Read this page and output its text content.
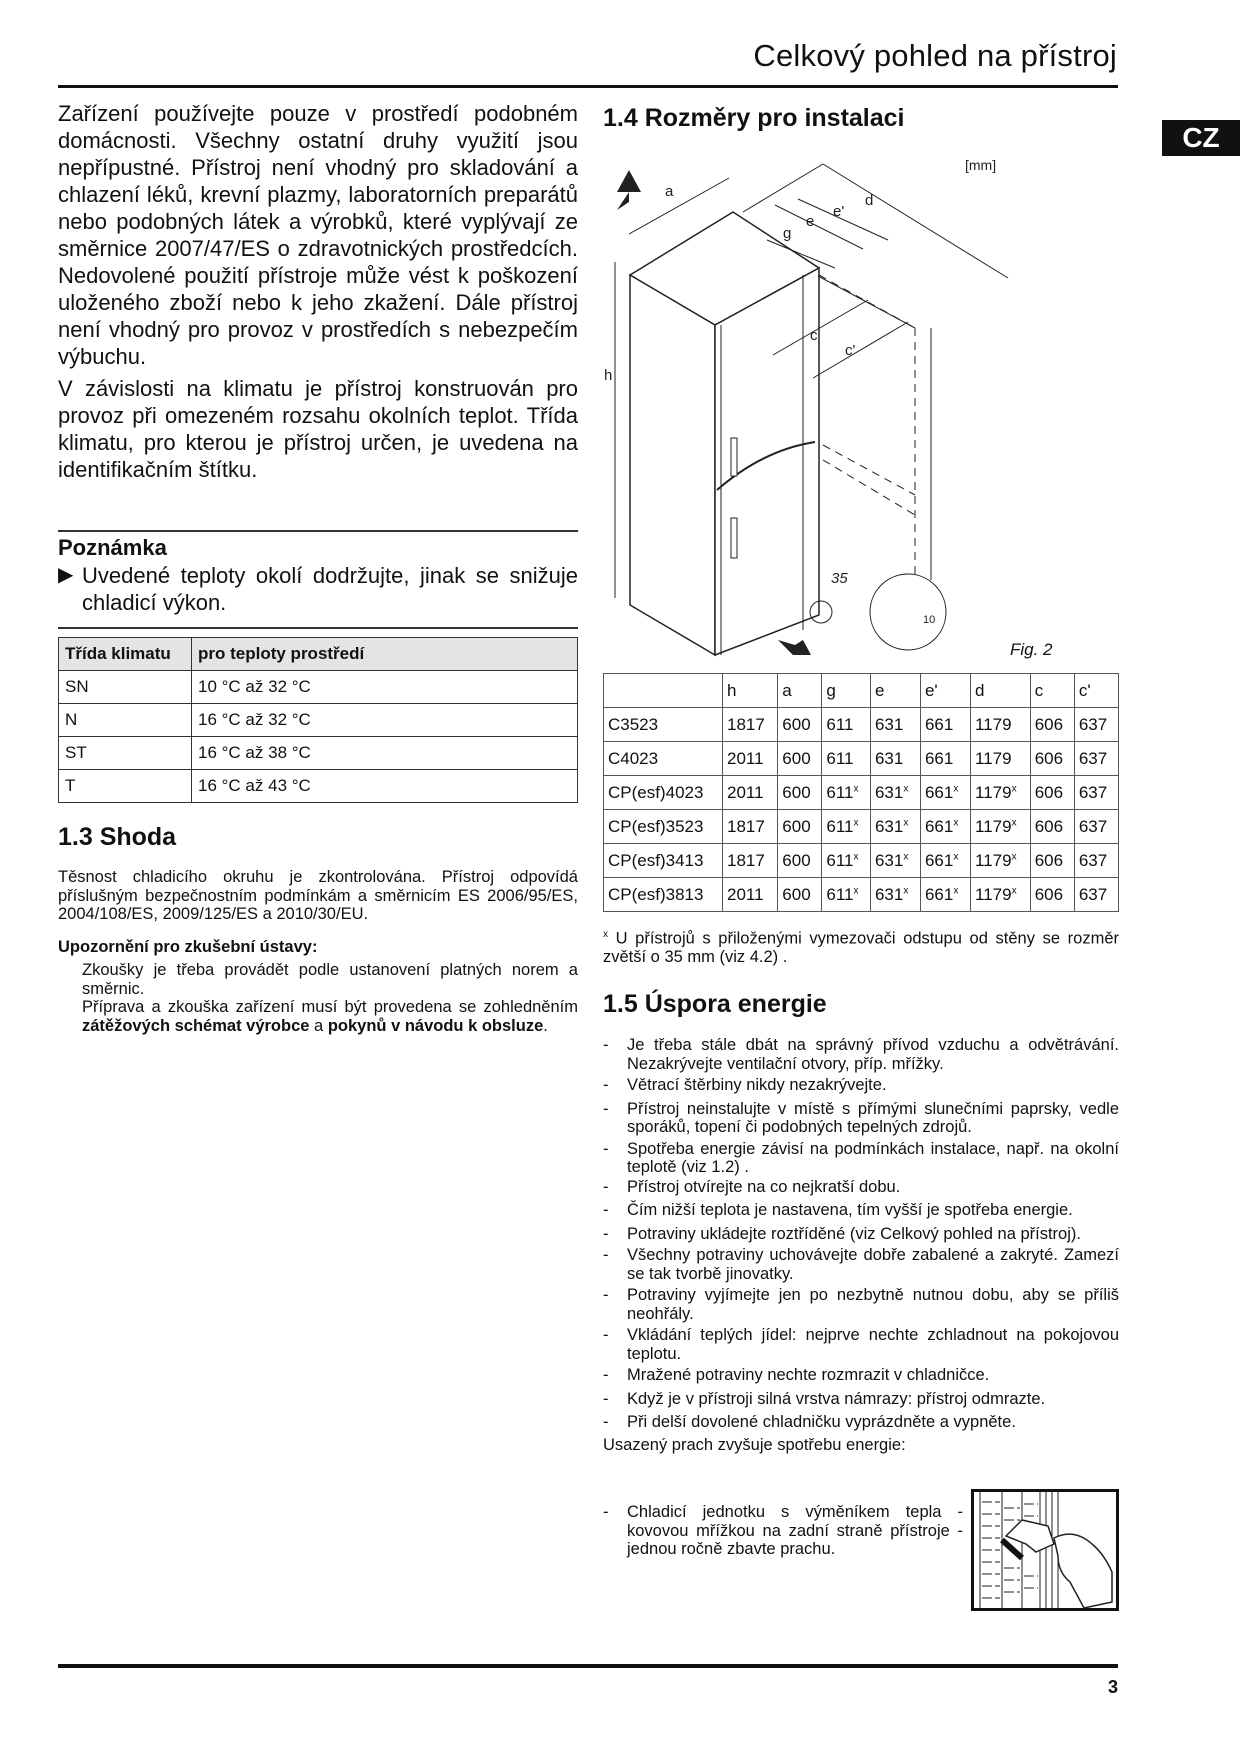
Celkový pohled na přístroj
CZ

Zařízení používejte pouze v prostředí podobném domácnosti. Všechny ostatní druhy využití jsou nepřípustné. Přístroj není vhodný pro skladování a chlazení léků, krevní plazmy, laboratorních preparátů nebo podobných látek a výrobků, které vyplývají ze směrnice 2007/47/ES o zdravotnických prostředcích. Nedovolené použití přístroje může vést k poškození uloženého zboží nebo k jeho zkažení. Dále přístroj není vhodný pro provoz v prostředích s nebezpečím výbuchu.

V závislosti na klimatu je přístroj konstruován pro provoz při omezeném rozsahu okolních teplot. Třída klimatu, pro kterou je přístroj určen, je uvedena na identifikačním štítku.

Poznámka
▶ Uvedené teploty okolí dodržujte, jinak se snižuje chladicí výkon.
Třída klimatu	pro teploty prostředí
SN	10 °C až 32 °C
N	16 °C až 32 °C
ST	16 °C až 38 °C
T	16 °C až 43 °C
1.3 Shoda

Těsnost chladicího okruhu je zkontrolována. Přístroj odpovídá příslušným bezpečnostním podmínkám a směrnicím ES 2006/95/ES, 2004/108/ES, 2009/125/ES a 2010/30/EU.

Upozornění pro zkušební ústavy:

Zkoušky je třeba provádět podle ustanovení platných norem a směrnic.

Příprava a zkouška zařízení musí být provedena se zohledněním zátěžových schémat výrobce a pokynů v návodu k obsluze.

1.4 Rozměry pro instalaci
h
a
g
e
e'
d
c
c'
35
10
[mm]
Fig. 2
	h	a	g	e	e'	d	c	c'
C3523	1817	600	611	631	661	1179	606	637
C4023	2011	600	611	631	661	1179	606	637
CP(esf)4023	2011	600	611$^x$	631$^x$	661$^x$	1179$^x$	606	637
CP(esf)3523	1817	600	611$^x$	631$^x$	661$^x$	1179$^x$	606	637
CP(esf)3413	1817	600	611$^x$	631$^x$	661$^x$	1179$^x$	606	637
CP(esf)3813	2011	600	611$^x$	631$^x$	661$^x$	1179$^x$	606	637

$^x$ U přístrojů s přiloženými vymezovači odstupu od stěny se rozměr zvětší o 35 mm (viz 4.2) .

1.5 Úspora energie
-	Je třeba stále dbát na správný přívod vzduchu a odvětrávání. Nezakrývejte ventilační otvory, příp. mřížky.
-	Větrací štěrbiny nikdy nezakrývejte.
-	Přístroj neinstalujte v místě s přímými slunečními paprsky, vedle sporáků, topení či podobných tepelných zdrojů.
-	Spotřeba energie závisí na podmínkách instalace, např. na okolní teplotě (viz 1.2) .
-	Přístroj otvírejte na co nejkratší dobu.
-	Čím nižší teplota je nastavena, tím vyšší je spotřeba energie.
-	Potraviny ukládejte roztříděné (viz Celkový pohled na přístroj).
-	Všechny potraviny uchovávejte dobře zabalené a zakryté. Zamezí se tak tvorbě jinovatky.
-	Potraviny vyjímejte jen po nezbytně nutnou dobu, aby se příliš neohřály.
-	Vkládání teplých jídel: nejprve nechte zchladnout na pokojovou teplotu.
-	Mražené potraviny nechte rozmrazit v chladničce.
-	Když je v přístroji silná vrstva námrazy: přístroj odmrazte.
-	Při delší dovolené chladničku vyprázdněte a vypněte.

Usazený prach zvyšuje spotřebu energie:

-	Chladicí jednotku s výměníkem tepla - kovovou mřížkou na zadní straně přístroje - jednou ročně zbavte prachu.
3
